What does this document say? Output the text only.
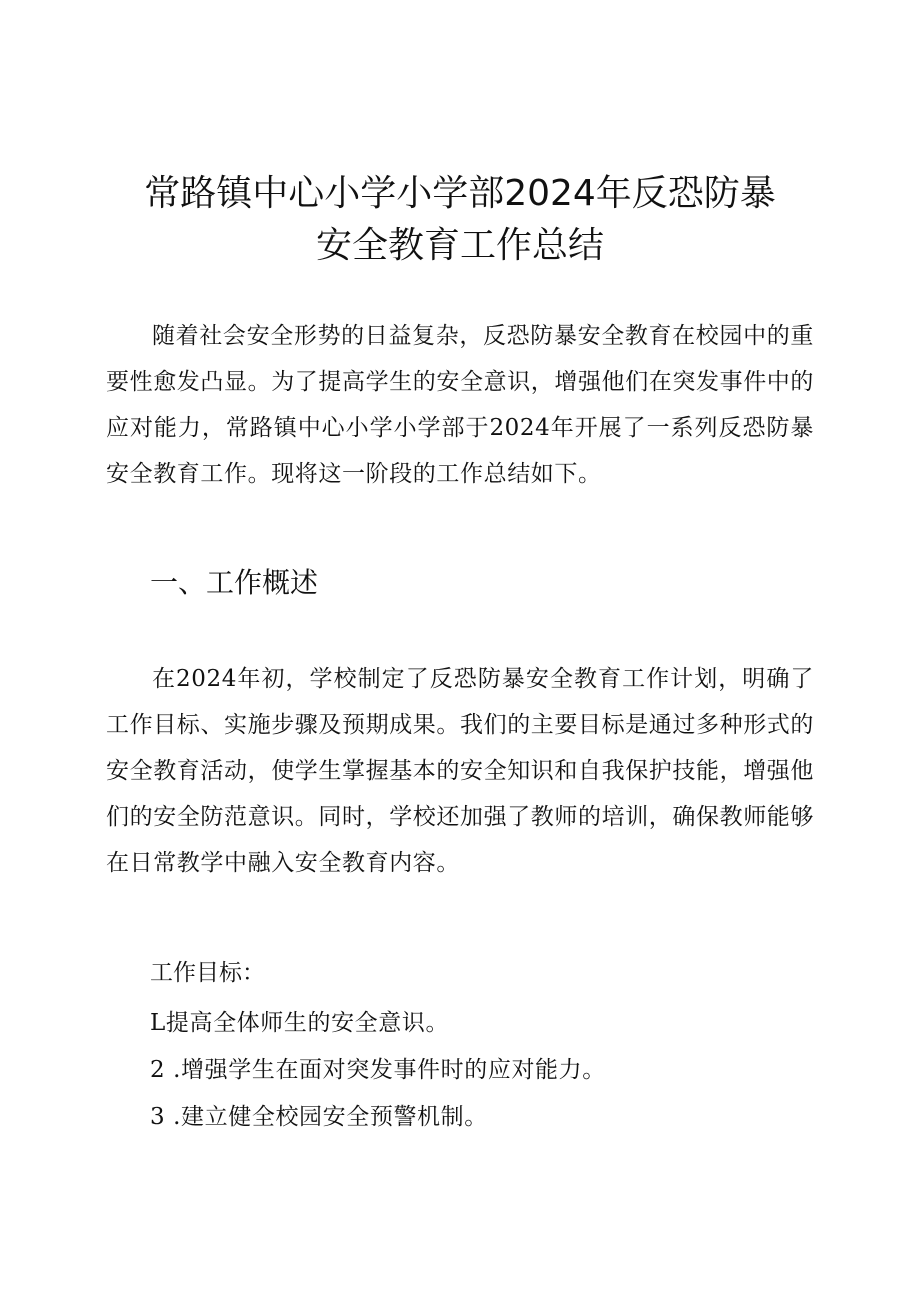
常路镇中心小学小学部2024年反恐防暴
安全教育工作总结

随着社会安全形势的日益复杂，反恐防暴安全教育在校园中的重要性愈发凸显。为了提高学生的安全意识，增强他们在突发事件中的应对能力，常路镇中心小学小学部于2024年开展了一系列反恐防暴安全教育工作。现将这一阶段的工作总结如下。

一、工作概述

在2024年初，学校制定了反恐防暴安全教育工作计划，明确了工作目标、实施步骤及预期成果。我们的主要目标是通过多种形式的安全教育活动，使学生掌握基本的安全知识和自我保护技能，增强他们的安全防范意识。同时，学校还加强了教师的培训，确保教师能够在日常教学中融入安全教育内容。

工作目标：

L提高全体师生的安全意识。

2 .增强学生在面对突发事件时的应对能力。

3 .建立健全校园安全预警机制。
